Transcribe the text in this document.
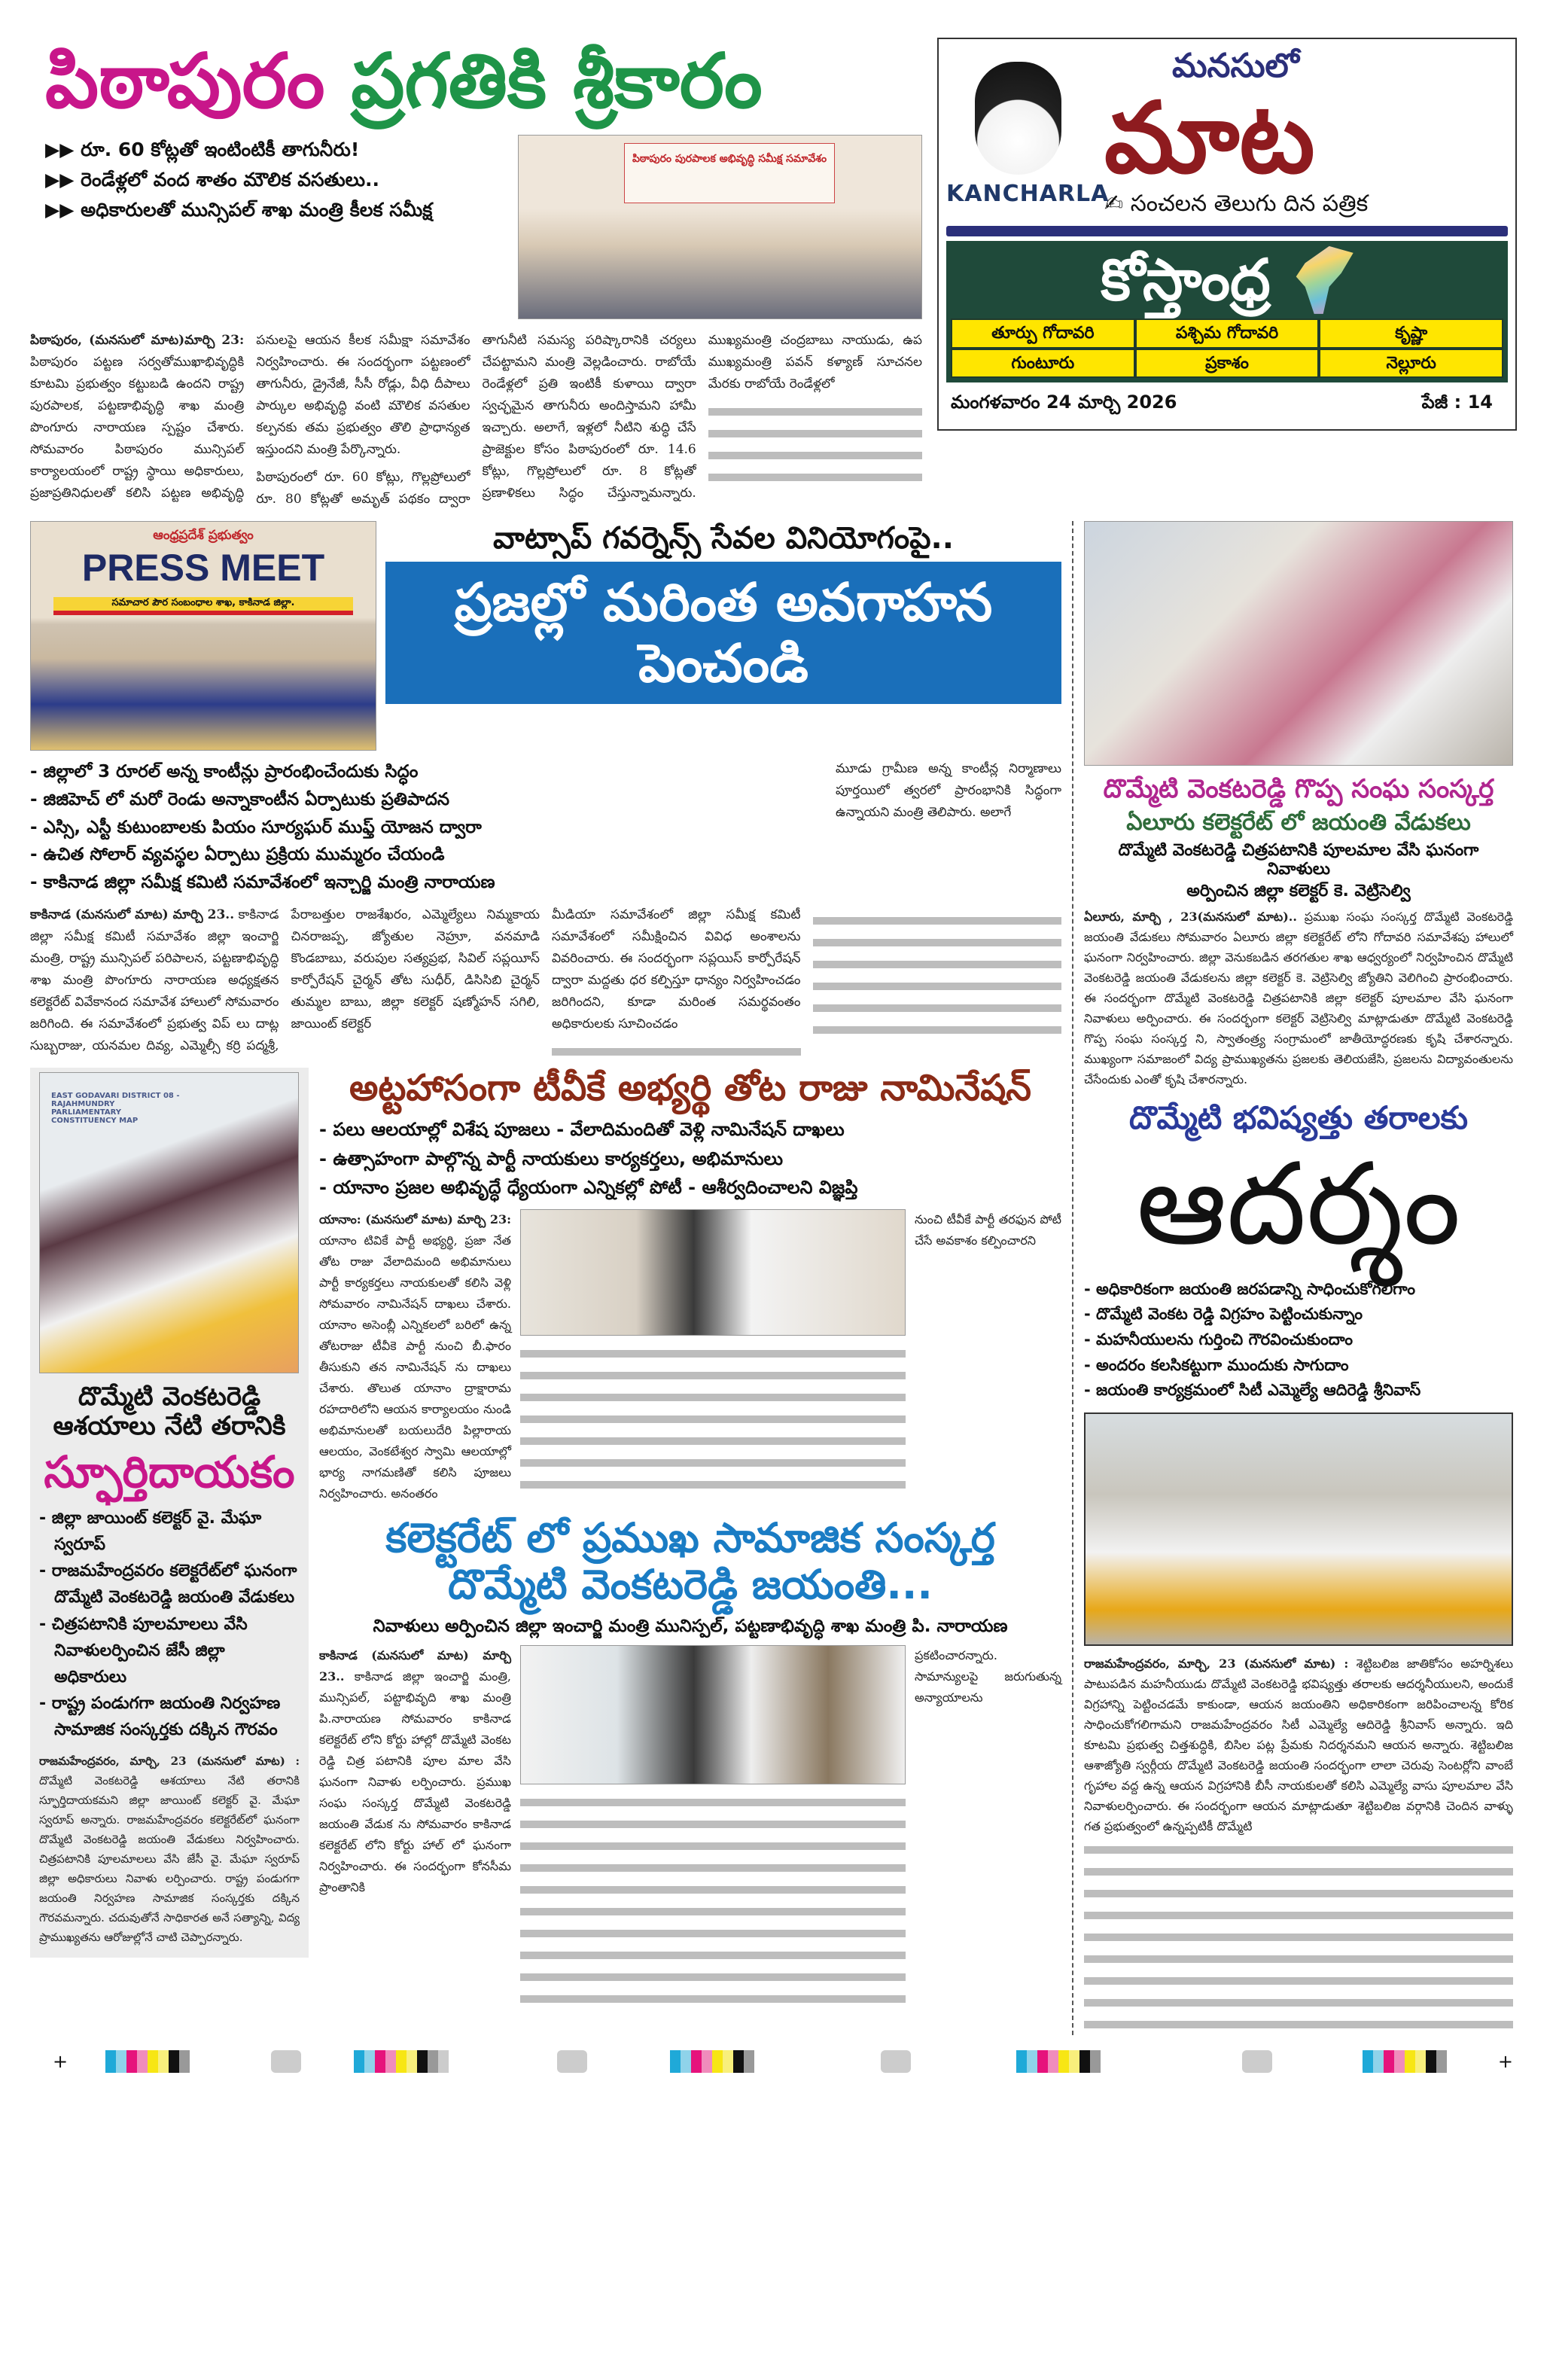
పిఠాపురం ప్రగతికి శ్రీకారం
▶▶ రూ. 60 కోట్లతో ఇంటింటికీ తాగునీరు!
▶▶ రెండేళ్లలో వంద శాతం మౌలిక వసతులు..
▶▶ అధికారులతో మున్సిపల్ శాఖ మంత్రి కీలక సమీక్ష
పిఠాపురం పురపాలక అభివృద్ధి సమీక్ష సమావేశం
పిఠాపురం, (మనసులో మాట)మార్చి 23: పిఠాపురం పట్టణ సర్వతోముఖాభివృద్ధికి కూటమి ప్రభుత్వం కట్టుబడి ఉందని రాష్ట్ర పురపాలక, పట్టణాభివృద్ధి శాఖ మంత్రి పొంగూరు నారాయణ స్పష్టం చేశారు. సోమవారం పిఠాపురం మున్సిపల్ కార్యాలయంలో రాష్ట్ర స్థాయి అధికారులు, ప్రజాప్రతినిధులతో కలిసి పట్టణ అభివృద్ధి పనులపై ఆయన కీలక సమీక్షా సమావేశం నిర్వహించారు. ఈ సందర్భంగా పట్టణంలో తాగునీరు, డ్రైనేజీ, సీసీ రోడ్లు, వీధి దీపాలు పార్కుల అభివృద్ధి వంటి మౌలిక వసతుల కల్పనకు తమ ప్రభుత్వం తొలి ప్రాధాన్యత ఇస్తుందని మంత్రి పేర్కొన్నారు.
పిఠాపురంలో రూ. 60 కోట్లు, గొల్లప్రోలులో రూ. 80 కోట్లతో అమృత్ పథకం ద్వారా తాగునీటి సమస్య పరిష్కారానికి చర్యలు చేపట్టామని మంత్రి వెల్లడించారు. రాబోయే రెండేళ్లలో ప్రతి ఇంటికీ కుళాయి ద్వారా స్వచ్ఛమైన తాగునీరు అందిస్తామని హామీ ఇచ్చారు. అలాగే, ఇళ్లలో నీటిని శుద్ధి చేసే ప్రాజెక్టుల కోసం పిఠాపురంలో రూ. 14.6 కోట్లు, గొల్లప్రోలులో రూ. 8 కోట్లతో ప్రణాళికలు సిద్ధం చేస్తున్నామన్నారు. ముఖ్యమంత్రి చంద్రబాబు నాయుడు, ఉప ముఖ్యమంత్రి పవన్ కళ్యాణ్ సూచనల మేరకు రాబోయే రెండేళ్లలో
KANCHARLA
మనసులో
మాట
✍ సంచలన తెలుగు దిన పత్రిక
కోస్తాంధ్ర
తూర్పు గోదావరి	పశ్చిమ గోదావరి	కృష్ణా
గుంటూరు	ప్రకాశం	నెల్లూరు
మంగళవారం 24 మార్చి 2026	పేజీ : 14
ఆంధ్రప్రదేశ్ ప్రభుత్వం
PRESS MEET
సమాచార పౌర సంబంధాల శాఖ, కాకినాడ జిల్లా.
వాట్సాప్ గవర్నెన్స్ సేవల వినియోగంపై..
ప్రజల్లో మరింత అవగాహన పెంచండి
- జిల్లాలో 3 రూరల్ అన్న కాంటీన్లు ప్రారంభించేందుకు సిద్ధం
- జిజిహెచ్ లో మరో రెండు అన్నాకాంటీన ఏర్పాటుకు ప్రతిపాదన
- ఎస్సి, ఎస్టీ కుటుంబాలకు పియం సూర్యఘర్ ముఫ్త్ యోజన ద్వారా
- ఉచిత సోలార్ వ్యవస్థల ఏర్పాటు ప్రక్రియ ముమ్మరం చేయండి
- కాకినాడ జిల్లా సమీక్ష కమిటి సమావేశంలో ఇన్చార్జి మంత్రి నారాయణ
మూడు గ్రామీణ అన్న కాంటీన్ల నిర్మాణాలు పూర్తయిలో త్వరలో ప్రారంభానికి సిద్ధంగా ఉన్నాయని మంత్రి తెలిపారు. అలాగే
కాకినాడ (మనసులో మాట) మార్చి 23.. కాకినాడ జిల్లా సమీక్ష కమిటీ సమావేశం జిల్లా ఇంచార్జి మంత్రి, రాష్ట్ర మున్సిపల్ పరిపాలన, పట్టణాభివృద్ధి శాఖ మంత్రి పొంగూరు నారాయణ అధ్యక్షతన కలెక్టరేట్ వివేకానంద సమావేశ హాలులో సోమవారం జరిగింది. ఈ సమావేశంలో ప్రభుత్వ విప్ లు దాట్ల సుబ్బరాజు, యనమల దివ్య, ఎమ్మెల్సీ కర్రి పద్మశ్రీ, పేరాబత్తుల రాజశేఖరం, ఎమ్మెల్యేలు నిమ్మకాయ చినరాజప్ప, జ్యోతుల నెహ్రూ, వనమాడి కొండబాబు, వరుపుల సత్యప్రభ, సివిల్ సప్లయీస్ కార్పోరేషన్ చైర్మన్ తోట సుధీర్, డిసిసిబి చైర్మన్ తుమ్మల బాబు, జిల్లా కలెక్టర్ షణ్మోహన్ సగిలి, జాయింట్ కలెక్టర్
మీడియా సమావేశంలో జిల్లా సమీక్ష కమిటీ సమావేశంలో సమీక్షించిన వివిధ అంశాలను వివరించారు. ఈ సందర్భంగా సప్లయిస్ కార్పోరేషన్ ద్వారా మద్దతు ధర కల్పిస్తూ ధాన్యం నిర్వహించడం జరిగిందని, కూడా మరింత సమర్థవంతం అధికారులకు సూచించడం
EAST GODAVARI DISTRICT 08 - RAJAHMUNDRY PARLIAMENTARY CONSTITUENCY MAP
దొమ్మేటి వెంకటరెడ్డి
ఆశయాలు నేటి తరానికి
స్ఫూర్తిదాయకం
- జిల్లా జాయింట్ కలెక్టర్ వై. మేఘా స్వరూప్
- రాజమహేంద్రవరం కలెక్టరేట్‌లో ఘనంగా దొమ్మేటి వెంకటరెడ్డి జయంతి వేడుకలు
- చిత్రపటానికి పూలమాలలు వేసి నివాళులర్పించిన జేసీ జిల్లా అధికారులు
- రాష్ట్ర పండుగగా జయంతి నిర్వహణ సామాజిక సంస్కర్తకు దక్కిన గౌరవం
రాజమహేంద్రవరం, మార్చి, 23 (మనసులో మాట) : దొమ్మేటి వెంకటరెడ్డి ఆశయాలు నేటి తరానికి స్ఫూర్తిదాయకమని జిల్లా జాయింట్ కలెక్టర్ వై. మేఘా స్వరూప్ అన్నారు. రాజమహేంద్రవరం కలెక్టరేట్‌లో ఘనంగా దొమ్మేటి వెంకటరెడ్డి జయంతి వేడుకలు నిర్వహించారు. చిత్రపటానికి పూలమాలలు వేసి జేసీ వై. మేఘా స్వరూప్ జిల్లా అధికారులు నివాళు లర్పించారు. రాష్ట్ర పండుగగా జయంతి నిర్వహణ సామాజిక సంస్కర్తకు దక్కిన గౌరవమన్నారు. చదువుతోనే సాధికారత అనే సత్యాన్ని, విద్య ప్రాముఖ్యతను ఆరోజుల్లోనే చాటి చెప్పారన్నారు.
అట్టహాసంగా టీవీకే అభ్యర్థి తోట రాజు నామినేషన్
- పలు ఆలయాల్లో విశేష పూజలు - వేలాదిమందితో వెళ్లి నామినేషన్ దాఖలు
- ఉత్సాహంగా పాల్గొన్న పార్టీ నాయకులు కార్యకర్తలు, అభిమానులు
- యానాం ప్రజల అభివృద్ధే ధ్యేయంగా ఎన్నికల్లో పోటీ - ఆశీర్వదించాలని విజ్ఞప్తి
యానాం: (మనసులో మాట) మార్చి 23: యానాం టివికే పార్టీ అభ్యర్థి, ప్రజా నేత తోట రాజు వేలాదిమంది అభిమానులు పార్టీ కార్యకర్తలు నాయకులతో కలిసి వెళ్లి సోమవారం నామినేషన్ దాఖలు చేశారు. యానాం అసెంబ్లీ ఎన్నికలలో బరిలో ఉన్న తోటరాజు టీవీకె పార్టీ నుంచి బీ.ఫారం తీసుకుని తన నామినేషన్ ను దాఖలు చేశారు. తొలుత యానాం ద్రాక్షారామ రహదారిలోని ఆయన కార్యాలయం నుండి అభిమానులతో బయలుదేరి పిల్లారాయ ఆలయం, వెంకటేశ్వర స్వామి ఆలయాల్లో భార్య నాగమణితో కలిసి పూజలు నిర్వహించారు. అనంతరం
నుంచి టీవీకే పార్టీ తరఫున పోటీ చేసే అవకాశం కల్పించారని
కలెక్టరేట్ లో ప్రముఖ సామాజిక సంస్కర్త
దొమ్మేటి వెంకటరెడ్డి జయంతి...
నివాళులు అర్పించిన జిల్లా ఇంచార్జి మంత్రి మునిస్పల్, పట్టణాభివృద్ధి శాఖ మంత్రి పి. నారాయణ
కాకినాడ (మనసులో మాట) మార్చి 23.. కాకినాడ జిల్లా ఇంచార్జి మంత్రి, మున్సిపల్, పట్టాభివృది శాఖ మంత్రి పి.నారాయణ సోమవారం కాకినాడ కలెక్టరేట్ లోని కోర్టు హాల్లో దొమ్మేటి వెంకట రెడ్డి చిత్ర పటానికి పూల మాల వేసి ఘనంగా నివాళు లర్పించారు. ప్రముఖ సంఘ సంస్కర్త దొమ్మేటి వెంకటరెడ్డి జయంతి వేడుక ను సోమవారం కాకినాడ కలెక్టరేట్ లోని కోర్టు హాల్ లో ఘనంగా నిర్వహించారు. ఈ సందర్భంగా కోనసీమ ప్రాంతానికి
ప్రకటించారన్నారు. సామాన్యులపై జరుగుతున్న అన్యాయాలను
దొమ్మేటి వెంకటరెడ్డి గొప్ప సంఘ సంస్కర్త
ఏలూరు కలెక్టరేట్ లో జయంతి వేడుకలు
దొమ్మేటి వెంకటరెడ్డి చిత్రపటానికి పూలమాల వేసి ఘనంగా నివాళులు
అర్పించిన జిల్లా కలెక్టర్ కె. వెట్రిసెల్వి
ఏలూరు, మార్చి , 23(మనసులో మాట).. ప్రముఖ సంఘ సంస్కర్త దొమ్మేటి వెంకటరెడ్డి జయంతి వేడుకలు సోమవారం ఏలూరు జిల్లా కలెక్టరేట్ లోని గోదావరి సమావేశపు హాలులో ఘనంగా నిర్వహించారు. జిల్లా వెనుకబడిన తరగతుల శాఖ ఆధ్వర్యంలో నిర్వహించిన దొమ్మేటి వెంకటరెడ్డి జయంతి వేడుకలను జిల్లా కలెక్టర్ కె. వెట్రిసెల్వి జ్యోతిని వెలిగించి ప్రారంభించారు. ఈ సందర్భంగా దొమ్మేటి వెంకటరెడ్డి చిత్రపటానికి జిల్లా కలెక్టర్ పూలమాల వేసి ఘనంగా నివాళులు అర్పించారు. ఈ సందర్భంగా కలెక్టర్ వెట్రిసెల్వి మాట్లాడుతూ దొమ్మేటి వెంకటరెడ్డి గొప్ప సంఘ సంస్కర్త ని, స్వాతంత్ర్య సంగ్రామంలో జాతీయోద్ధరణకు కృషి చేశారన్నారు. ముఖ్యంగా సమాజంలో విద్య ప్రాముఖ్యతను ప్రజలకు తెలియజేసి, ప్రజలను విద్యావంతులను చేసేందుకు ఎంతో కృషి చేశారన్నారు.
దొమ్మేటి భవిష్యత్తు తరాలకు
ఆదర్శం
- అధికారికంగా జయంతి జరపడాన్ని సాధించుకోగలిగాం
- దొమ్మేటి వెంకట రెడ్డి విగ్రహం పెట్టించుకున్నాం
- మహనీయులను గుర్తించి గౌరవించుకుందాం
- అందరం కలసికట్టుగా ముందుకు సాగుదాం
- జయంతి కార్యక్రమంలో సిటీ ఎమ్మెల్యే ఆదిరెడ్డి శ్రీనివాస్
రాజమహేంద్రవరం, మార్చి, 23 (మనసులో మాట) : శెట్టిబలిజ జాతికోసం అహర్నిశలు పాటుపడిన మహనీయుడు దొమ్మేటి వెంకటరెడ్డి భవిష్యత్తు తరాలకు ఆదర్శనీయులని, అందుకే విగ్రహాన్ని పెట్టించడమే కాకుండా, ఆయన జయంతిని అధికారికంగా జరిపించాలన్న కోరిక సాధించుకోగలిగామని రాజమహేంద్రవరం సిటీ ఎమ్మెల్యే ఆదిరెడ్డి శ్రీనివాస్ అన్నారు. ఇది కూటమి ప్రభుత్వ చిత్తశుద్ధికి, బిసిల పట్ల ప్రేమకు నిదర్శనమని ఆయన అన్నారు. శెట్టిబలిజ ఆశాజ్యోతి స్వర్గీయ దొమ్మేటి వెంకటరెడ్డి జయంతి సందర్భంగా లాలా చెరువు సెంటర్లోని వాంబే గృహాల వద్ద ఉన్న ఆయన విగ్రహానికి బీసీ నాయకులతో కలిసి ఎమ్మెల్యే వాసు పూలమాల వేసి నివాళులర్పించారు. ఈ సందర్భంగా ఆయన మాట్లాడుతూ శెట్టిబలిజ వర్గానికి చెందిన వాళ్ళు గత ప్రభుత్వంలో ఉన్నప్పటికీ దొమ్మేటి
+	+
